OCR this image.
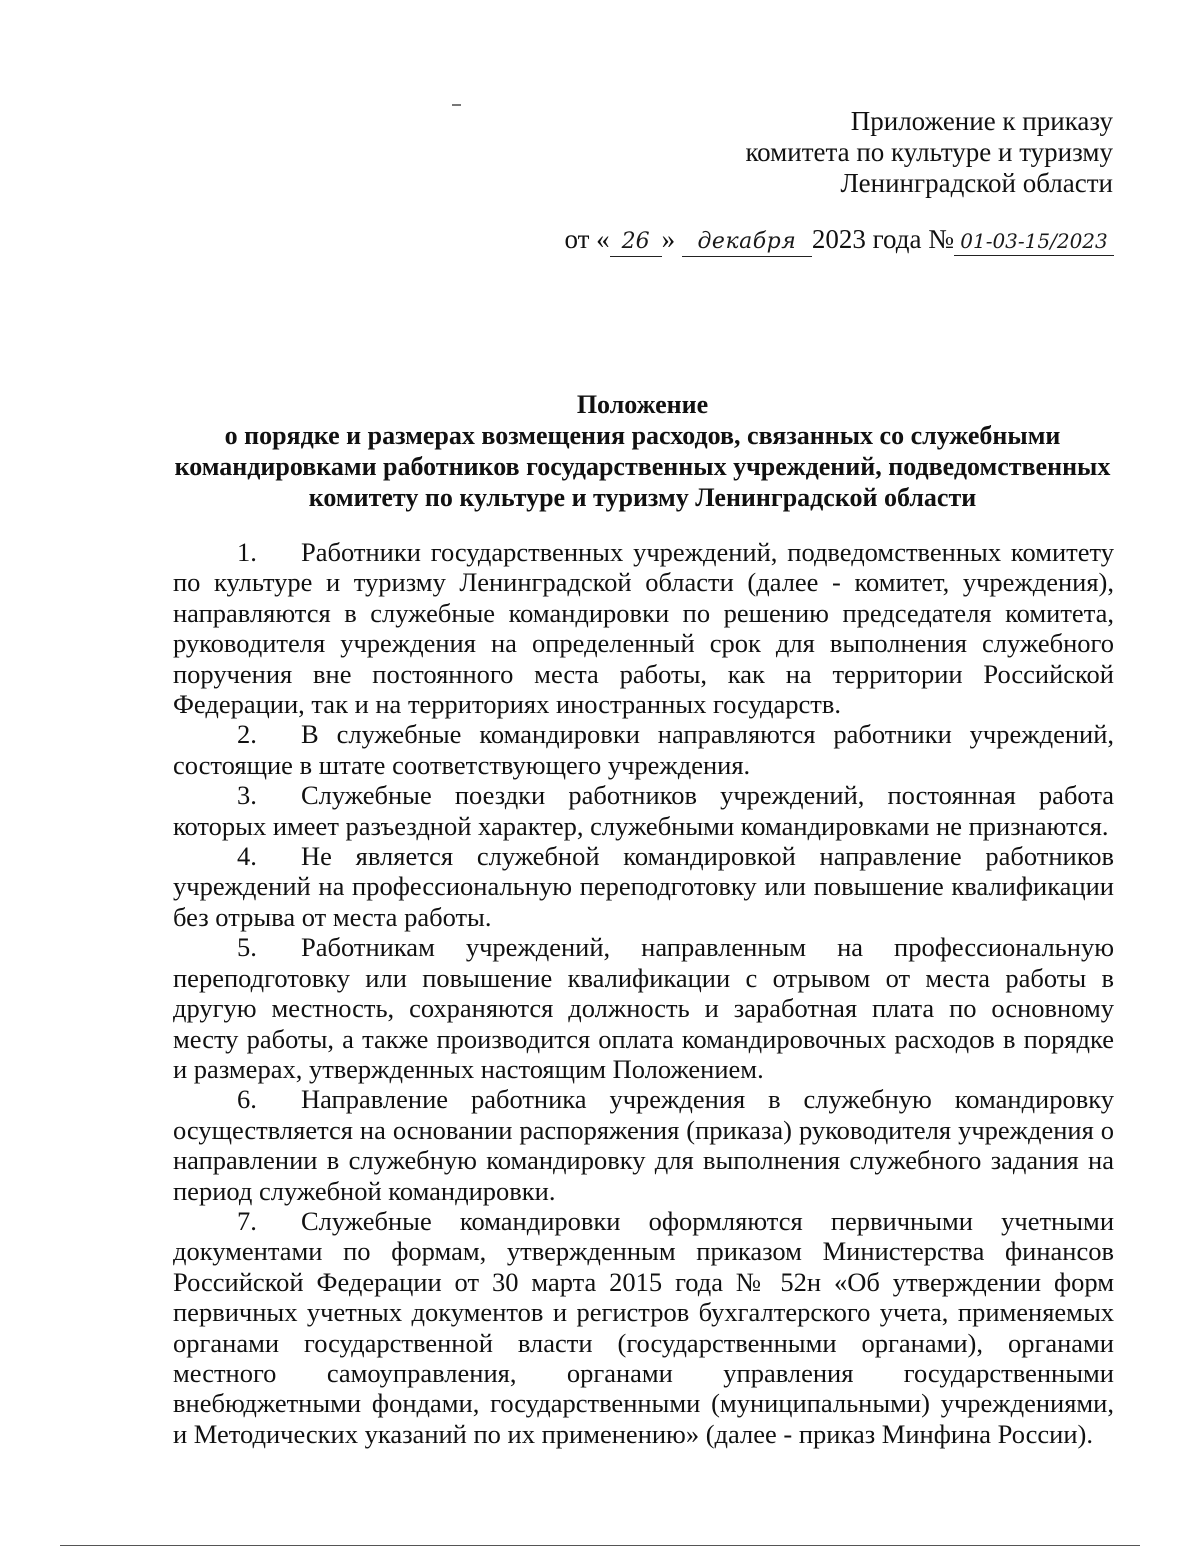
Приложение к приказу
комитета по культуре и туризму
Ленинградской области
от « 26 » декабря 2023 года № 01-03-15/2023
Положение
о порядке и размерах возмещения расходов, связанных со служебными
командировками работников государственных учреждений, подведомственных
комитету по культуре и туризму Ленинградской области

1. Работники государственных учреждений, подведомственных комитету по культуре и туризму Ленинградской области (далее - комитет, учреждения), направляются в служебные командировки по решению председателя комитета, руководителя учреждения на определенный срок для выполнения служебного поручения вне постоянного места работы, как на территории Российской Федерации, так и на территориях иностранных государств.

2. В служебные командировки направляются работники учреждений, состоящие в штате соответствующего учреждения.

3. Служебные поездки работников учреждений, постоянная работа которых имеет разъездной характер, служебными командировками не признаются.

4. Не является служебной командировкой направление работников учреждений на профессиональную переподготовку или повышение квалификации без отрыва от места работы.

5. Работникам учреждений, направленным на профессиональную переподготовку или повышение квалификации с отрывом от места работы в другую местность, сохраняются должность и заработная плата по основному месту работы, а также производится оплата командировочных расходов в порядке и размерах, утвержденных настоящим Положением.

6. Направление работника учреждения в служебную командировку осуществляется на основании распоряжения (приказа) руководителя учреждения о направлении в служебную командировку для выполнения служебного задания на период служебной командировки.

7. Служебные командировки оформляются первичными учетными документами по формам, утвержденным приказом Министерства финансов Российской Федерации от 30 марта 2015 года № 52н «Об утверждении форм первичных учетных документов и регистров бухгалтерского учета, применяемых органами государственной власти (государственными органами), органами местного самоуправления, органами управления государственными внебюджетными фондами, государственными (муниципальными) учреждениями, и Методических указаний по их применению» (далее - приказ Минфина России).
